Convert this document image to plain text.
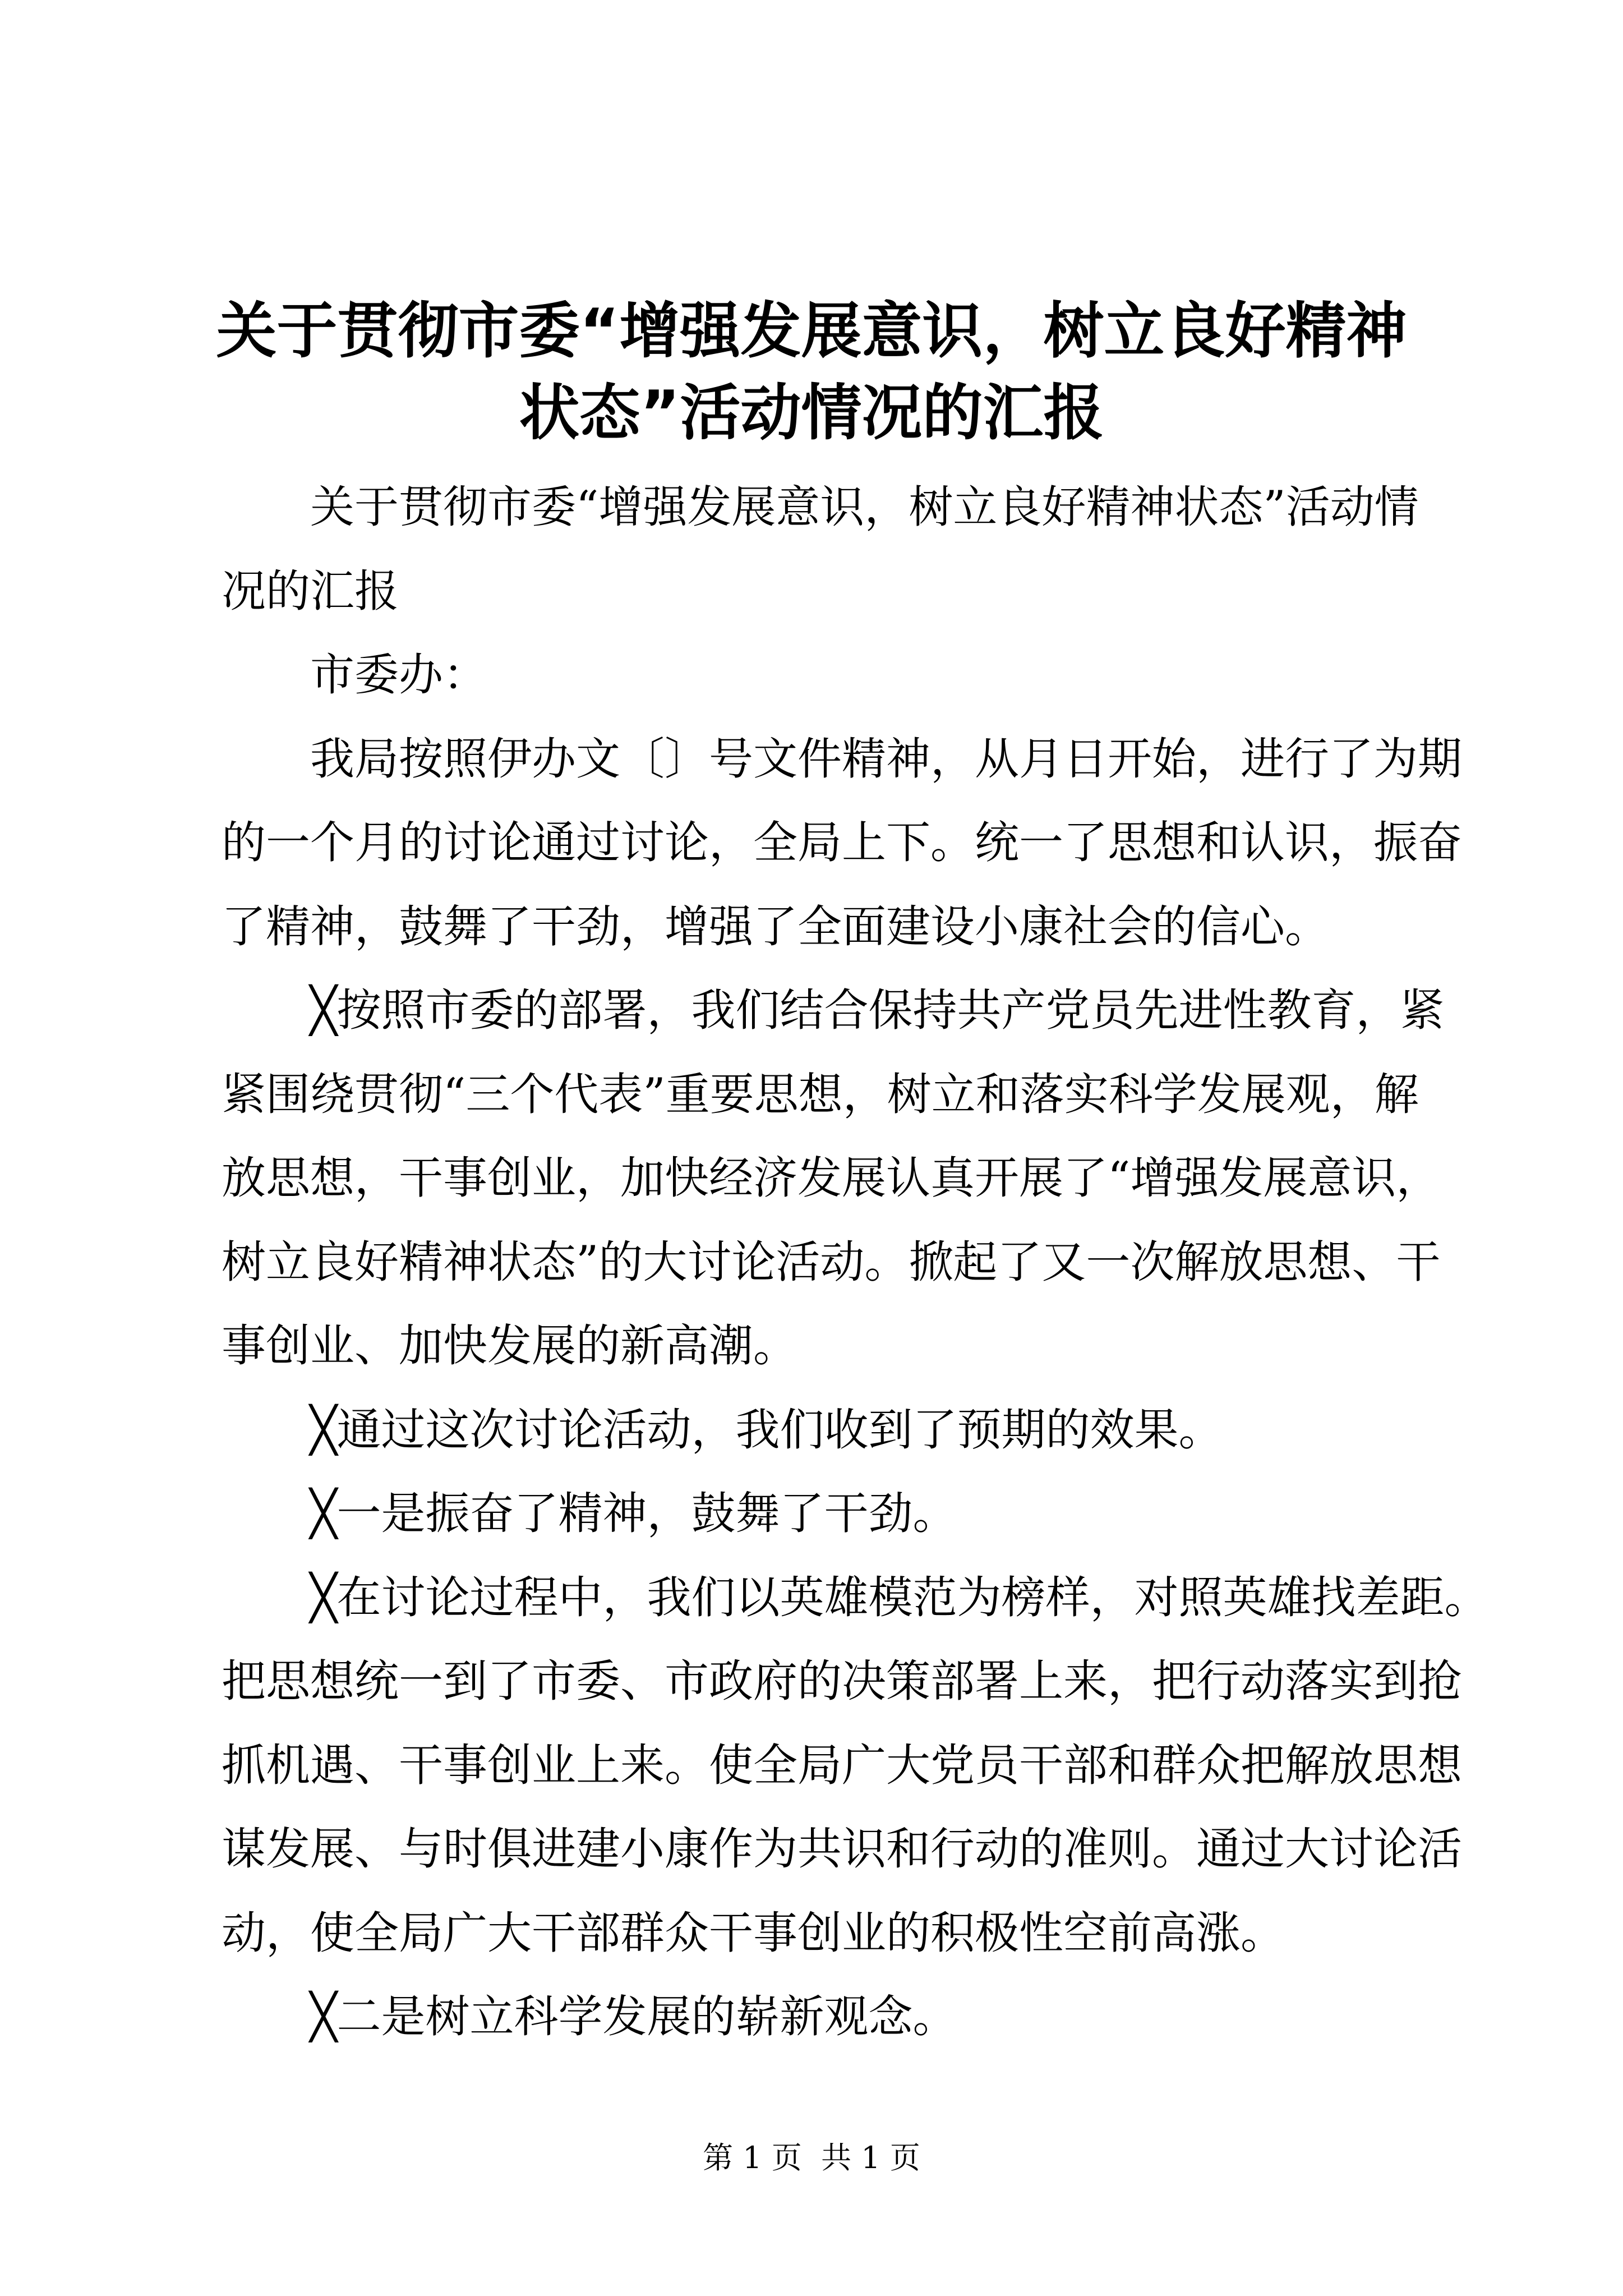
关于贯彻市委“增强发展意识，树立良好精神
状态”活动情况的汇报
关于贯彻市委“增强发展意识，树立良好精神状态”活动情
况的汇报
市委办：
我局按照伊办文〔〕号文件精神，从月日开始，进行了为期
的一个月的讨论通过讨论，全局上下。统一了思想和认识，振奋
了精神，鼓舞了干劲，增强了全面建设小康社会的信心。
╳按照市委的部署，我们结合保持共产党员先进性教育，紧
紧围绕贯彻“三个代表”重要思想，树立和落实科学发展观，解
放思想，干事创业，加快经济发展认真开展了“增强发展意识，
树立良好精神状态”的大讨论活动。掀起了又一次解放思想、干
事创业、加快发展的新高潮。
╳通过这次讨论活动，我们收到了预期的效果。
╳一是振奋了精神，鼓舞了干劲。
╳在讨论过程中，我们以英雄模范为榜样，对照英雄找差距。
把思想统一到了市委、市政府的决策部署上来，把行动落实到抢
抓机遇、干事创业上来。使全局广大党员干部和群众把解放思想
谋发展、与时俱进建小康作为共识和行动的准则。通过大讨论活
动，使全局广大干部群众干事创业的积极性空前高涨。
╳二是树立科学发展的崭新观念。
第 1 页  共 1 页
